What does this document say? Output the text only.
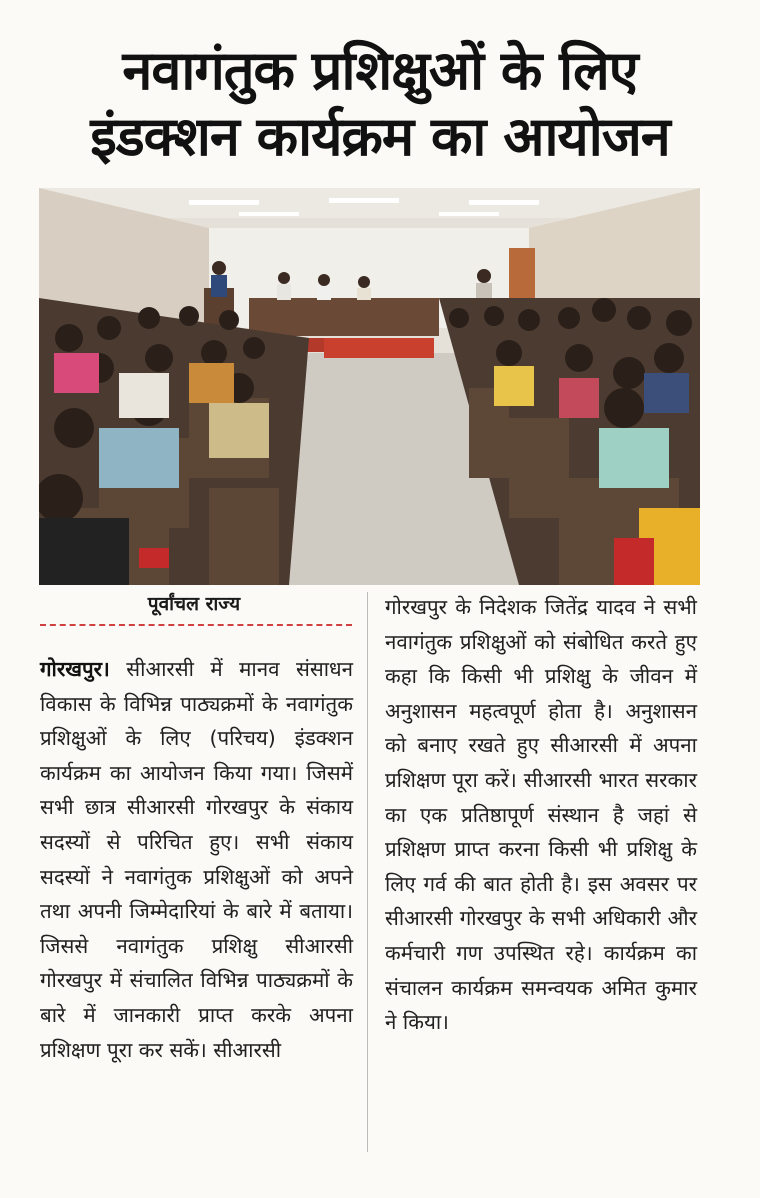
नवागंतुक प्रशिक्षुओं के लिए
इंडक्शन कार्यक्रम का आयोजन
पूर्वांचल राज्य
गोरखपुर। सीआरसी में मानव संसाधन विकास के विभिन्न पाठ्यक्रमों के नवागंतुक प्रशिक्षुओं के लिए (परिचय) इंडक्शन कार्यक्रम का आयोजन किया गया। जिसमें सभी छात्र सीआरसी गोरखपुर के संकाय सदस्यों से परिचित हुए। सभी संकाय सदस्यों ने नवागंतुक प्रशिक्षुओं को अपने तथा अपनी जिम्मेदारियां के बारे में बताया। जिससे नवागंतुक प्रशिक्षु सीआरसी गोरखपुर में संचालित विभिन्न पाठ्यक्रमों के बारे में जानकारी प्राप्त करके अपना प्रशिक्षण पूरा कर सकें। सीआरसी
गोरखपुर के निदेशक जितेंद्र यादव ने सभी नवागंतुक प्रशिक्षुओं को संबोधित करते हुए कहा कि किसी भी प्रशिक्षु के जीवन में अनुशासन महत्वपूर्ण होता है। अनुशासन को बनाए रखते हुए सीआरसी में अपना प्रशिक्षण पूरा करें। सीआरसी भारत सरकार का एक प्रतिष्ठापूर्ण संस्थान है जहां से प्रशिक्षण प्राप्त करना किसी भी प्रशिक्षु के लिए गर्व की बात होती है। इस अवसर पर सीआरसी गोरखपुर के सभी अधिकारी और कर्मचारी गण उपस्थित रहे। कार्यक्रम का संचालन कार्यक्रम समन्वयक अमित कुमार ने किया।
